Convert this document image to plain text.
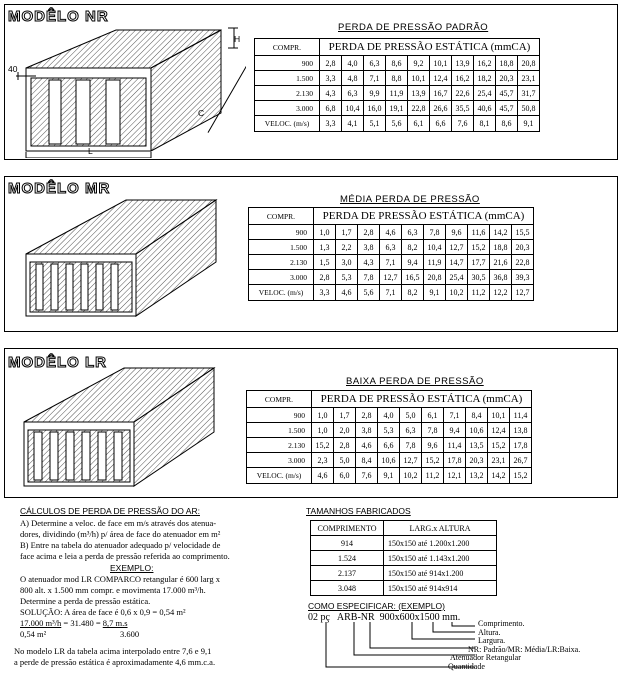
MODÊLO NR
H
40
L
C
PERDA DE PRESSÃO PADRÃO
COMPR.	PERDA DE PRESSÃO ESTÁTICA (mmCA)									
900	2,8	4,0	6,3	8,6	9,2	10,1	13,9	16,2	18,8	20,8
1.500	3,3	4,8	7,1	8,8	10,1	12,4	16,2	18,2	20,3	23,1
2.130	4,3	6,3	9,9	11,9	13,9	16,7	22,6	25,4	45,7	31,7
3.000	6,8	10,4	16,0	19,1	22,8	26,6	35,5	40,6	45,7	50,8
VELOC. (m/s)	3,3	4,1	5,1	5,6	6,1	6,6	7,6	8,1	8,6	9,1
MODÊLO MR
MÉDIA PERDA DE PRESSÃO
COMPR.	PERDA DE PRESSÃO ESTÁTICA (mmCA)									
900	1,0	1,7	2,8	4,6	6,3	7,8	9,6	11,6	14,2	15,5
1.500	1,3	2,2	3,8	6,3	8,2	10,4	12,7	15,2	18,8	20,3
2.130	1,5	3,0	4,3	7,1	9,4	11,9	14,7	17,7	21,6	22,8
3.000	2,8	5,3	7,8	12,7	16,5	20,8	25,4	30,5	36,8	39,3
VELOC. (m/s)	3,3	4,6	5,6	7,1	8,2	9,1	10,2	11,2	12,2	12,7
MODÊLO LR
BAIXA PERDA DE PRESSÃO
COMPR.	PERDA DE PRESSÃO ESTÁTICA (mmCA)									
900	1,0	1,7	2,8	4,0	5,0	6,1	7,1	8,4	10,1	11,4
1.500	1,0	2,0	3,8	5,3	6,3	7,8	9,4	10,6	12,4	13,8
2.130	15,2	2,8	4,6	6,6	7,8	9,6	11,4	13,5	15,2	17,8
3.000	2,3	5,0	8,4	10,6	12,7	15,2	17,8	20,3	23,1	26,7
VELOC. (m/s)	4,6	6,0	7,6	9,1	10,2	11,2	12,1	13,2	14,2	15,2
CÁLCULOS DE PERDA DE PRESSÃO DO AR:
A) Determine a veloc. de face em m/s através dos atenua-
dores, dividindo (m³/h) p/ área de face do atenuador em m²
B) Entre na tabela do atenuador adequado p/ velocidade de
face acima e leia a perda de pressão referida ao comprimento.
EXEMPLO:
O atenuador mod LR COMPARCO retangular é 600 larg x
800 alt. x 1.500 mm compr. e movimenta 17.000 m³/h.
Determine a perda de pressão estática.
SOLUÇÃO: A área de face é 0,6 x 0,9 = 0,54 m²
17.000 m³/h = 31.480 = 8,7 m.s
0,54 m²	3.600
No modelo LR da tabela acima interpolado entre 7,6 e 9,1
a perde de pressão estática é aproximadamente 4,6 mm.c.a.
TAMANHOS FABRICADOS
COMPRIMENTO	LARG.x ALTURA
914	150x150 até 1.200x1.200
1.524	150x150 até 1.143x1.200
2.137	150x150 até 914x1.200
3.048	150x150 até 914x914
COMO ESPECIFICAR: (EXEMPLO)
02 pç   ARB-NR  900x600x1500 mm.
Comprimento.
Altura.
Largura.
NR: Padrão/MR: Média/LR:Baixa.
Atenuador Retangular
Quantidade
